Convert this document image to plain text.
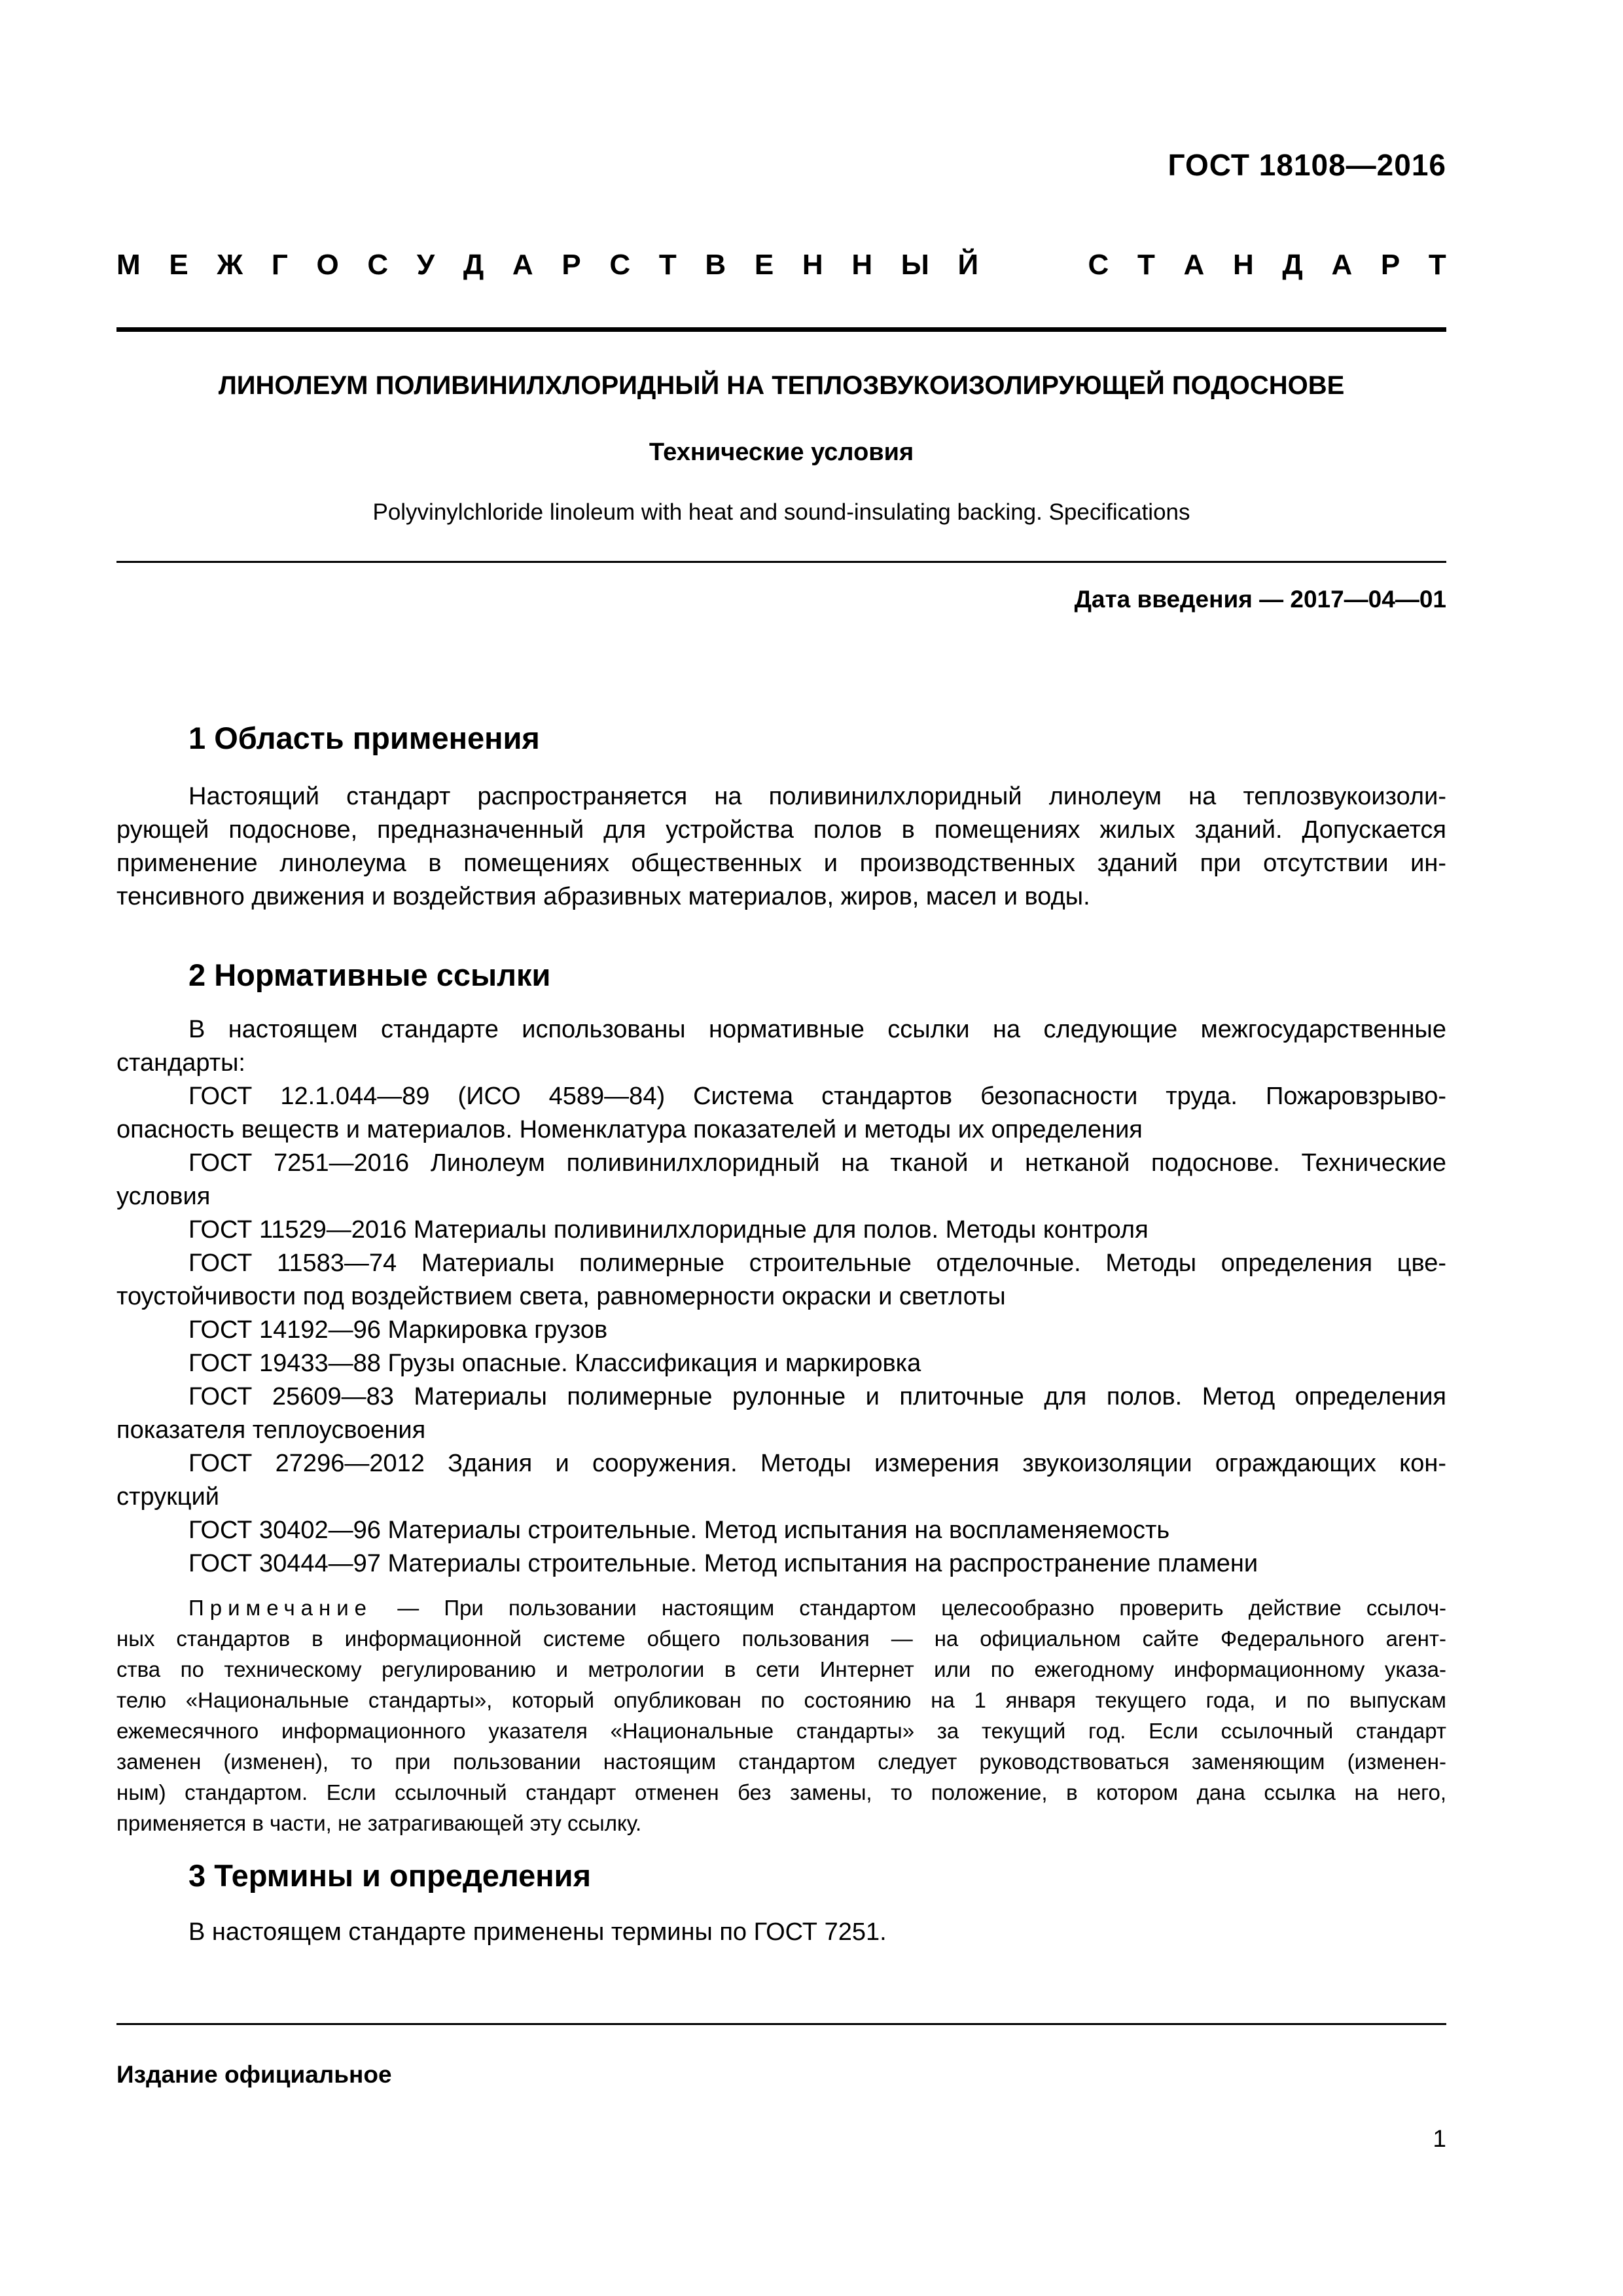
ГОСТ 18108—2016
М Е Ж Г О С У Д А Р С Т В Е Н Н Ы Й	С Т А Н Д А Р Т
ЛИНОЛЕУМ ПОЛИВИНИЛХЛОРИДНЫЙ НА ТЕПЛОЗВУКОИЗОЛИРУЮЩЕЙ ПОДОСНОВЕ
Технические условия
Polyvinylchloride linoleum with heat and sound-insulating backing. Specifications
Дата введения — 2017—04—01
1 Область применения
Настоящий стандарт распространяется на поливинилхлоридный линолеум на теплозвукоизоли-
рующей подоснове, предназначенный для устройства полов в помещениях жилых зданий. Допускается
применение линолеума в помещениях общественных и производственных зданий при отсутствии ин-
тенсивного движения и воздействия абразивных материалов, жиров, масел и воды.
2 Нормативные ссылки
В настоящем стандарте использованы нормативные ссылки на следующие межгосударственные
стандарты:
ГОСТ 12.1.044—89 (ИСО 4589—84) Система стандартов безопасности труда. Пожаровзрыво-
опасность веществ и материалов. Номенклатура показателей и методы их определения
ГОСТ 7251—2016 Линолеум поливинилхлоридный на тканой и нетканой подоснове. Технические
условия
ГОСТ 11529—2016 Материалы поливинилхлоридные для полов. Методы контроля
ГОСТ 11583—74 Материалы полимерные строительные отделочные. Методы определения цве-
тоустойчивости под воздействием света, равномерности окраски и светлоты
ГОСТ 14192—96 Маркировка грузов
ГОСТ 19433—88 Грузы опасные. Классификация и маркировка
ГОСТ 25609—83 Материалы полимерные рулонные и плиточные для полов. Метод определения
показателя теплоусвоения
ГОСТ 27296—2012 Здания и сооружения. Методы измерения звукоизоляции ограждающих кон-
струкций
ГОСТ 30402—96 Материалы строительные. Метод испытания на воспламеняемость
ГОСТ 30444—97 Материалы строительные. Метод испытания на распространение пламени
Примечание — При пользовании настоящим стандартом целесообразно проверить действие ссылоч-
ных стандартов в информационной системе общего пользования — на официальном сайте Федерального агент-
ства по техническому регулированию и метрологии в сети Интернет или по ежегодному информационному указа-
телю «Национальные стандарты», который опубликован по состоянию на 1 января текущего года, и по выпускам
ежемесячного информационного указателя «Национальные стандарты» за текущий год. Если ссылочный стандарт
заменен (изменен), то при пользовании настоящим стандартом следует руководствоваться заменяющим (изменен-
ным) стандартом. Если ссылочный стандарт отменен без замены, то положение, в котором дана ссылка на него,
применяется в части, не затрагивающей эту ссылку.
3 Термины и определения
В настоящем стандарте применены термины по ГОСТ 7251.
Издание официальное
1
